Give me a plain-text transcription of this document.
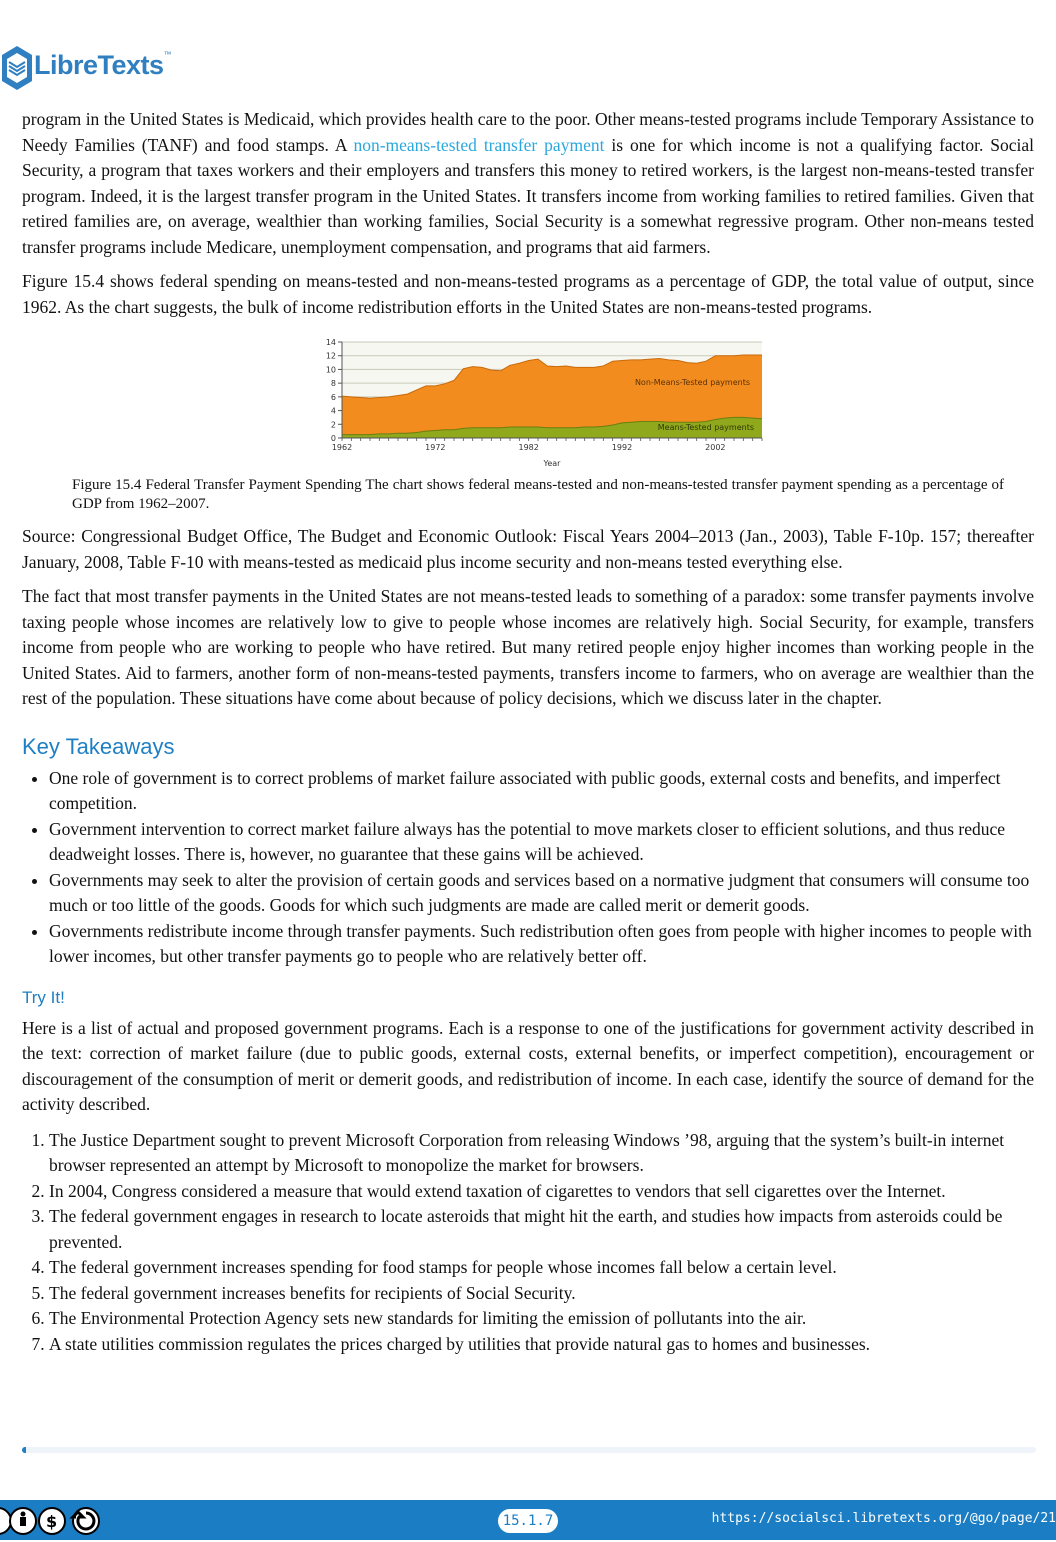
LibreTexts™

program in the United States is Medicaid, which provides health care to the poor. Other means-tested programs include Temporary Assistance to Needy Families (TANF) and food stamps. A non-means-tested transfer payment is one for which income is not a qualifying factor. Social Security, a program that taxes workers and their employers and transfers this money to retired workers, is the largest non-means-tested transfer program. Indeed, it is the largest transfer program in the United States. It transfers income from working families to retired families. Given that retired families are, on average, wealthier than working families, Social Security is a somewhat regressive program. Other non-means tested transfer programs include Medicare, unemployment compensation, and programs that aid farmers.

Figure 15.4 shows federal spending on means-tested and non-means-tested programs as a percentage of GDP, the total value of output, since 1962. As the chart suggests, the bulk of income redistribution efforts in the United States are non-means-tested programs.

0
2
4
6
8
10
12
14
1962	1972	1982	1992	2002
Year
Non-Means-Tested payments
Means-Tested payments

Figure 15.4 Federal Transfer Payment Spending The chart shows federal means-tested and non-means-tested transfer payment spending as a percentage of GDP from 1962–2007.

Source: Congressional Budget Office, The Budget and Economic Outlook: Fiscal Years 2004–2013 (Jan., 2003), Table F-10p. 157; thereafter January, 2008, Table F-10 with means-tested as medicaid plus income security and non-means tested everything else.

The fact that most transfer payments in the United States are not means-tested leads to something of a paradox: some transfer payments involve taxing people whose incomes are relatively low to give to people whose incomes are relatively high. Social Security, for example, transfers income from people who are working to people who have retired. But many retired people enjoy higher incomes than working people in the United States. Aid to farmers, another form of non-means-tested payments, transfers income to farmers, who on average are wealthier than the rest of the population. These situations have come about because of policy decisions, which we discuss later in the chapter.

Key Takeaways
• One role of government is to correct problems of market failure associated with public goods, external costs and benefits, and imperfect competition.
• Government intervention to correct market failure always has the potential to move markets closer to efficient solutions, and thus reduce deadweight losses. There is, however, no guarantee that these gains will be achieved.
• Governments may seek to alter the provision of certain goods and services based on a normative judgment that consumers will consume too much or too little of the goods. Goods for which such judgments are made are called merit or demerit goods.
• Governments redistribute income through transfer payments. Such redistribution often goes from people with higher incomes to people with lower incomes, but other transfer payments go to people who are relatively better off.
Try It!

Here is a list of actual and proposed government programs. Each is a response to one of the justifications for government activity described in the text: correction of market failure (due to public goods, external costs, external benefits, or imperfect competition), encouragement or discouragement of the consumption of merit or demerit goods, and redistribution of income. In each case, identify the source of demand for the activity described.

1. The Justice Department sought to prevent Microsoft Corporation from releasing Windows ’98, arguing that the system’s built-in internet browser represented an attempt by Microsoft to monopolize the market for browsers.
2. In 2004, Congress considered a measure that would extend taxation of cigarettes to vendors that sell cigarettes over the Internet.
3. The federal government engages in research to locate asteroids that might hit the earth, and studies how impacts from asteroids could be prevented.
4. The federal government increases spending for food stamps for people whose incomes fall below a certain level.
5. The federal government increases benefits for recipients of Social Security.
6. The Environmental Protection Agency sets new standards for limiting the emission of pollutants into the air.
7. A state utilities commission regulates the prices charged by utilities that provide natural gas to homes and businesses.
$	15.1.7	https://socialsci.libretexts.org/@go/page/21
